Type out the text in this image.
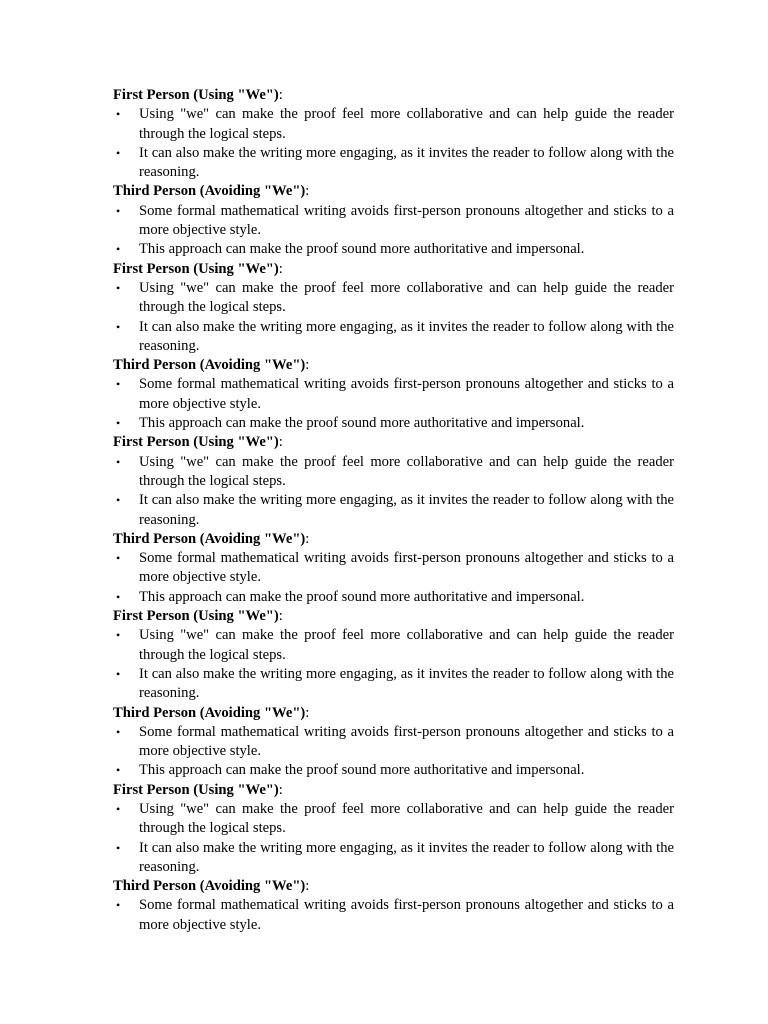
First Person (Using "We"):

• Using "we" can make the proof feel more collaborative and can help guide the reader through the logical steps.
• It can also make the writing more engaging, as it invites the reader to follow along with the reasoning.

Third Person (Avoiding "We"):

• Some formal mathematical writing avoids first-person pronouns altogether and sticks to a more objective style.
• This approach can make the proof sound more authoritative and impersonal.

First Person (Using "We"):

• Using "we" can make the proof feel more collaborative and can help guide the reader through the logical steps.
• It can also make the writing more engaging, as it invites the reader to follow along with the reasoning.

Third Person (Avoiding "We"):

• Some formal mathematical writing avoids first-person pronouns altogether and sticks to a more objective style.
• This approach can make the proof sound more authoritative and impersonal.

First Person (Using "We"):

• Using "we" can make the proof feel more collaborative and can help guide the reader through the logical steps.
• It can also make the writing more engaging, as it invites the reader to follow along with the reasoning.

Third Person (Avoiding "We"):

• Some formal mathematical writing avoids first-person pronouns altogether and sticks to a more objective style.
• This approach can make the proof sound more authoritative and impersonal.

First Person (Using "We"):

• Using "we" can make the proof feel more collaborative and can help guide the reader through the logical steps.
• It can also make the writing more engaging, as it invites the reader to follow along with the reasoning.

Third Person (Avoiding "We"):

• Some formal mathematical writing avoids first-person pronouns altogether and sticks to a more objective style.
• This approach can make the proof sound more authoritative and impersonal.

First Person (Using "We"):

• Using "we" can make the proof feel more collaborative and can help guide the reader through the logical steps.
• It can also make the writing more engaging, as it invites the reader to follow along with the reasoning.

Third Person (Avoiding "We"):

• Some formal mathematical writing avoids first-person pronouns altogether and sticks to a more objective style.
